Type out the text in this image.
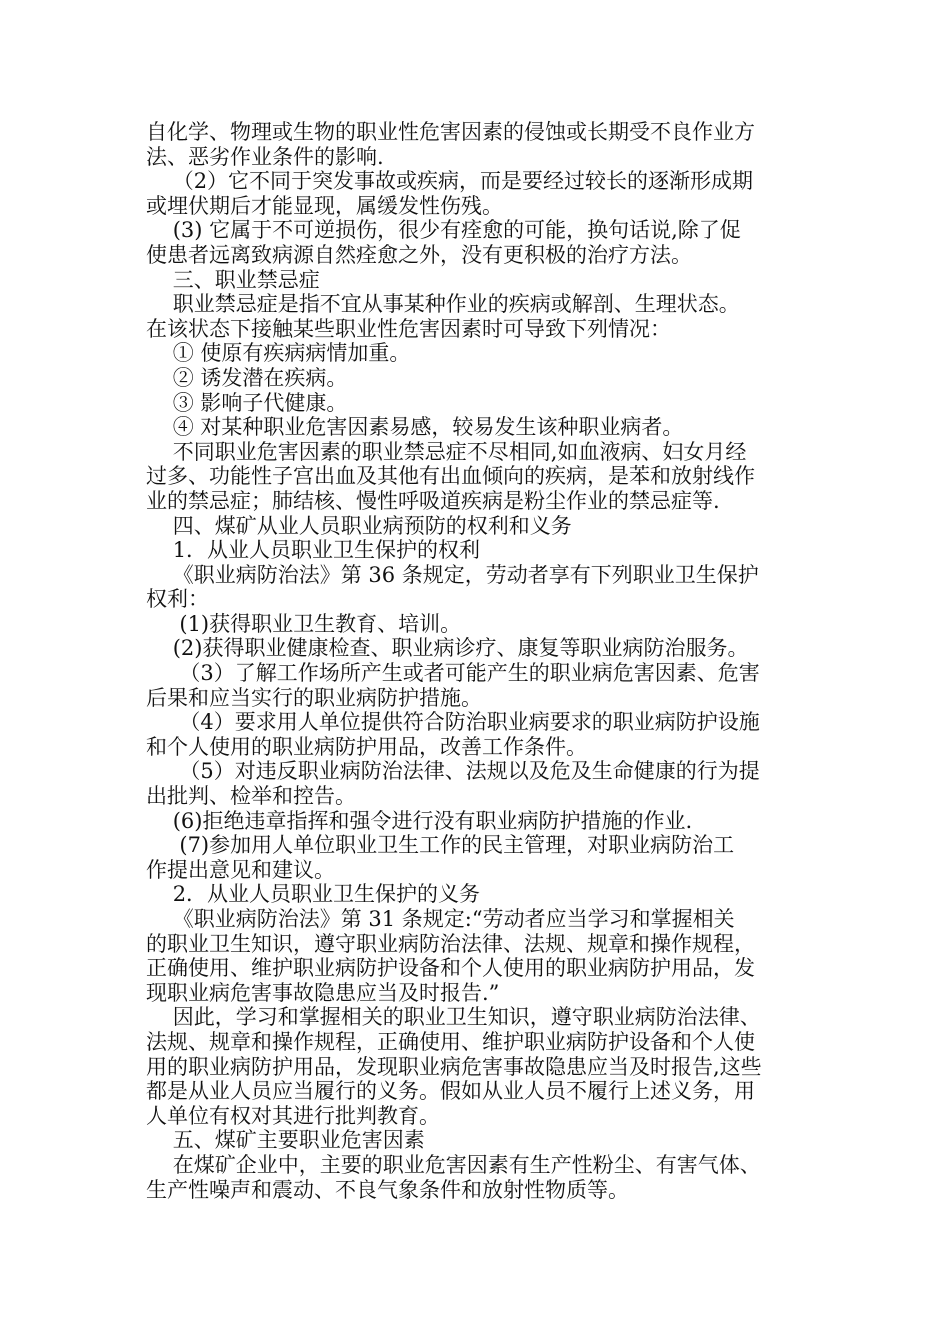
自化学、物理或生物的职业性危害因素的侵蚀或长期受不良作业方
法、恶劣作业条件的影响.
（2）它不同于突发事故或疾病，而是要经过较长的逐渐形成期
或埋伏期后才能显现，属缓发性伤残。
(3) 它属于不可逆损伤，很少有痊愈的可能，换句话说,除了促
使患者远离致病源自然痊愈之外，没有更积极的治疗方法。
三、职业禁忌症
职业禁忌症是指不宜从事某种作业的疾病或解剖、生理状态。
在该状态下接触某些职业性危害因素时可导致下列情况：
① 使原有疾病病情加重。
② 诱发潜在疾病。
③ 影响子代健康。
④ 对某种职业危害因素易感，较易发生该种职业病者。
不同职业危害因素的职业禁忌症不尽相同,如血液病、妇女月经
过多、功能性子宫出血及其他有出血倾向的疾病，是苯和放射线作
业的禁忌症；肺结核、慢性呼吸道疾病是粉尘作业的禁忌症等.
四、煤矿从业人员职业病预防的权利和义务
1．从业人员职业卫生保护的权利
《职业病防治法》第 36 条规定，劳动者享有下列职业卫生保护
权利：
(1)获得职业卫生教育、培训。
(2)获得职业健康检查、职业病诊疗、康复等职业病防治服务。
（3）了解工作场所产生或者可能产生的职业病危害因素、危害
后果和应当实行的职业病防护措施。
（4）要求用人单位提供符合防治职业病要求的职业病防护设施
和个人使用的职业病防护用品，改善工作条件。
（5）对违反职业病防治法律、法规以及危及生命健康的行为提
出批判、检举和控告。
(6)拒绝违章指挥和强令进行没有职业病防护措施的作业.
(7)参加用人单位职业卫生工作的民主管理，对职业病防治工
作提出意见和建议。
2．从业人员职业卫生保护的义务
《职业病防治法》第 31 条规定:“劳动者应当学习和掌握相关
的职业卫生知识，遵守职业病防治法律、法规、规章和操作规程，
正确使用、维护职业病防护设备和个人使用的职业病防护用品，发
现职业病危害事故隐患应当及时报告.”
因此，学习和掌握相关的职业卫生知识，遵守职业病防治法律、
法规、规章和操作规程，正确使用、维护职业病防护设备和个人使
用的职业病防护用品，发现职业病危害事故隐患应当及时报告,这些
都是从业人员应当履行的义务。假如从业人员不履行上述义务，用
人单位有权对其进行批判教育。
五、煤矿主要职业危害因素
在煤矿企业中，主要的职业危害因素有生产性粉尘、有害气体、
生产性噪声和震动、不良气象条件和放射性物质等。
